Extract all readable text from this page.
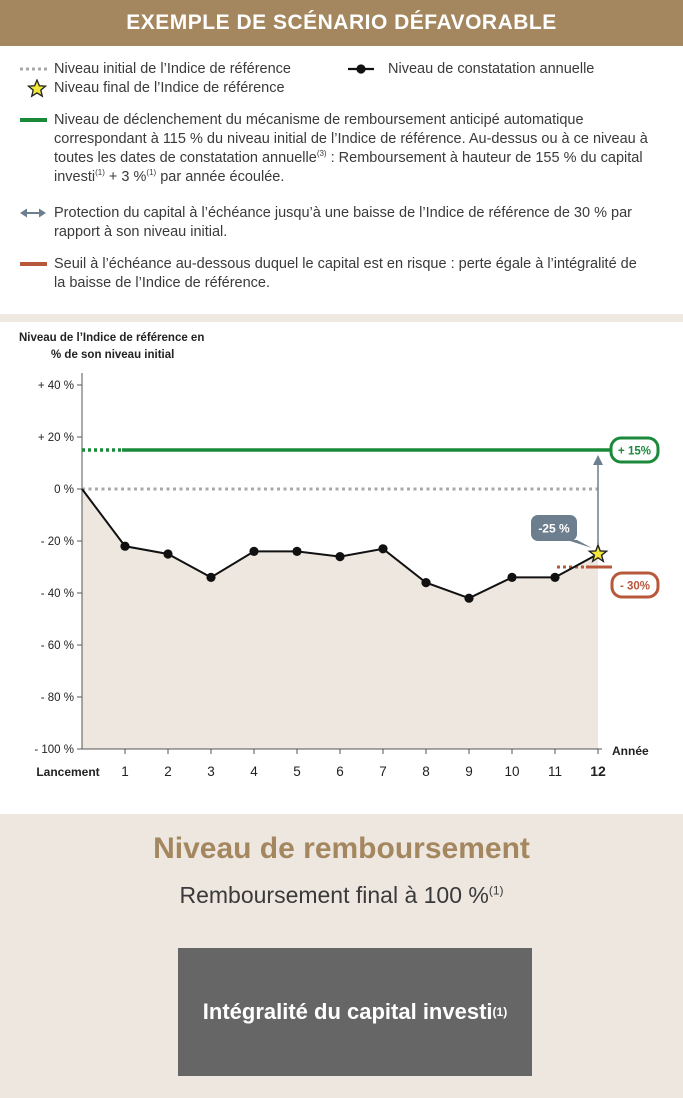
EXEMPLE DE SCÉNARIO DÉFAVORABLE
Niveau initial de l’Indice de référence	Niveau de constatation annuelle
Niveau final de l’Indice de référence
Niveau de déclenchement du mécanisme de remboursement anticipé automatique
correspondant à 115 % du niveau initial de l’Indice de référence. Au-dessus ou à ce niveau à
toutes les dates de constatation annuelle$^{(3)}$ : Remboursement à hauteur de 155 % du capital
investi$^{(1)}$ + 3 %$^{(1)}$ par année écoulée.
Protection du capital à l’échéance jusqu’à une baisse de l’Indice de référence de 30 % par
rapport à son niveau initial.
Seuil à l’échéance au-dessous duquel le capital est en risque : perte égale à l’intégralité de
la baisse de l’Indice de référence.
Niveau de l’Indice de référence en
% de son niveau initial
+ 40 %
+ 20 %
0 %
- 20 %
- 40 %
- 60 %
- 80 %
- 100 %
Lancement 1	2	3	4	5	6	7	8	9 10 11 12
Année
+ 15%
- 30%
-25 %
Niveau de remboursement
Remboursement final à 100 %$^{(1)}$
Intégralité du capital investi (1)
